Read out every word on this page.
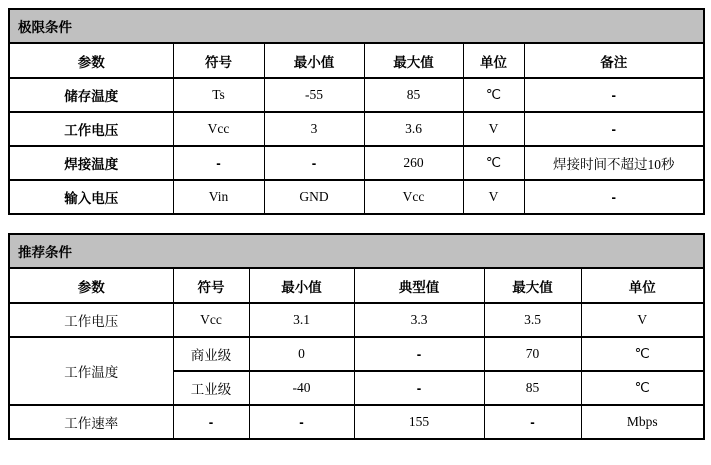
极限条件					
参数	符号	最小值	最大值	单位	备注
储存温度	Ts	-55	85	℃	-
工作电压	Vcc	3	3.6	V	-
焊接温度	-	-	260	℃	焊接时间不超过10秒
输入电压	Vin	GND	Vcc	V	-
推荐条件					
参数	符号	最小值	典型值	最大值	单位
工作电压	Vcc	3.1	3.3	3.5	V
工作温度	商业级	0	-	70	℃
	工业级	-40	-	85	℃
工作速率	-	-	155	-	Mbps
